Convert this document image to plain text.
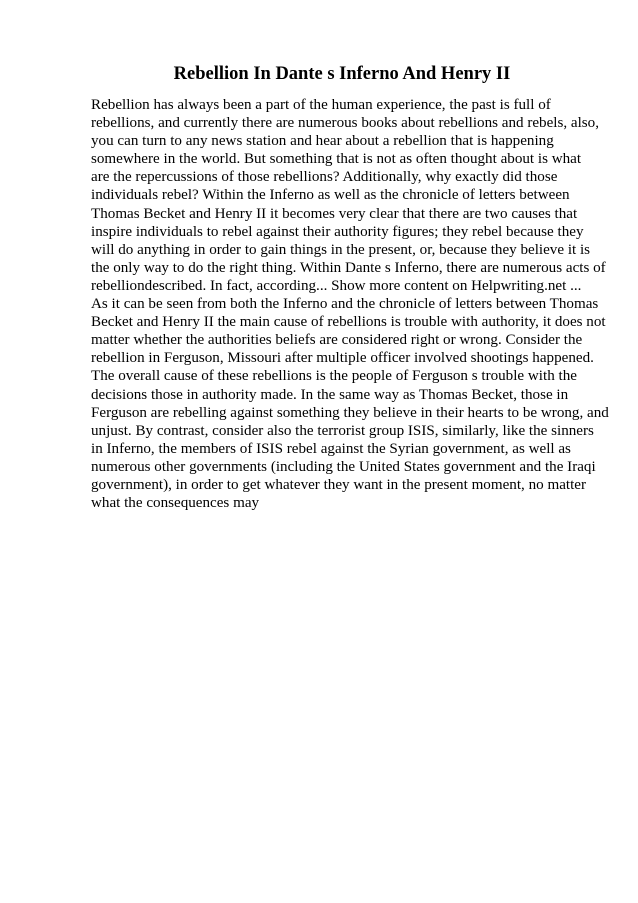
Rebellion In Dante s Inferno And Henry II
Rebellion has always been a part of the human experience, the past is full of
rebellions, and currently there are numerous books about rebellions and rebels, also,
you can turn to any news station and hear about a rebellion that is happening
somewhere in the world. But something that is not as often thought about is what
are the repercussions of those rebellions? Additionally, why exactly did those
individuals rebel? Within the Inferno as well as the chronicle of letters between
Thomas Becket and Henry II it becomes very clear that there are two causes that
inspire individuals to rebel against their authority figures; they rebel because they
will do anything in order to gain things in the present, or, because they believe it is
the only way to do the right thing. Within Dante s Inferno, there are numerous acts of
rebelliondescribed. In fact, according... Show more content on Helpwriting.net ...
As it can be seen from both the Inferno and the chronicle of letters between Thomas
Becket and Henry II the main cause of rebellions is trouble with authority, it does not
matter whether the authorities beliefs are considered right or wrong. Consider the
rebellion in Ferguson, Missouri after multiple officer involved shootings happened.
The overall cause of these rebellions is the people of Ferguson s trouble with the
decisions those in authority made. In the same way as Thomas Becket, those in
Ferguson are rebelling against something they believe in their hearts to be wrong, and
unjust. By contrast, consider also the terrorist group ISIS, similarly, like the sinners
in Inferno, the members of ISIS rebel against the Syrian government, as well as
numerous other governments (including the United States government and the Iraqi
government), in order to get whatever they want in the present moment, no matter
what the consequences may
